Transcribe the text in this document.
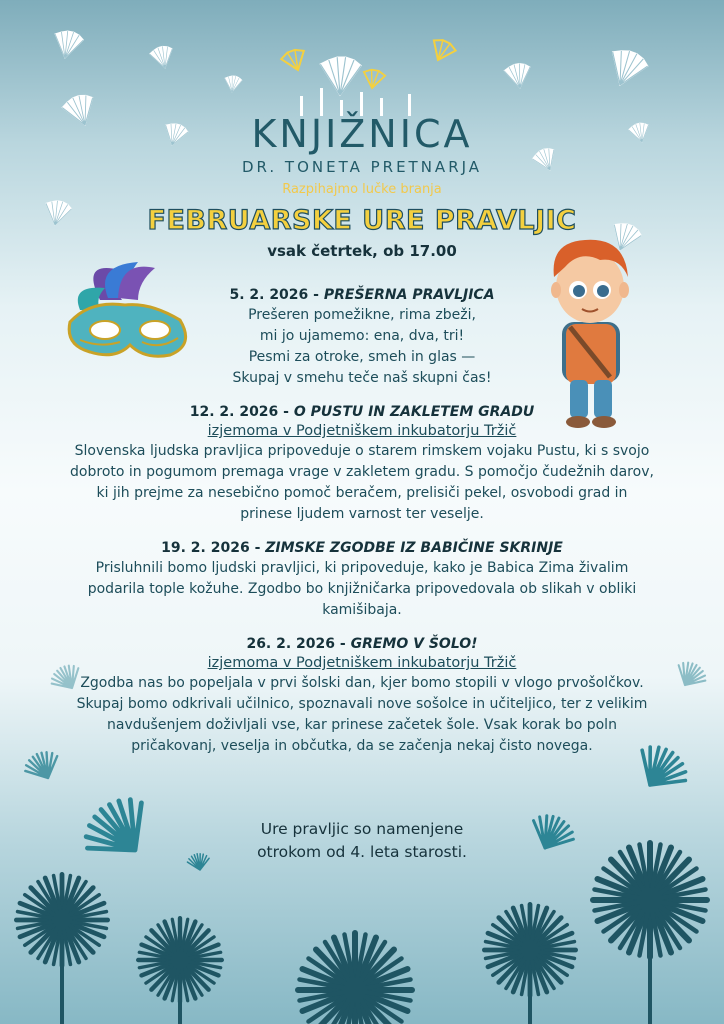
KNJIŽNICA
DR. TONETA PRETNARJA
Razpihajmo lučke branja
FEBRUARSKE URE PRAVLJIC
vsak četrtek, ob 17.00
5. 2. 2026 - PREŠERNA PRAVLJICA
Prešeren pomežikne, rima zbeži,
mi jo ujamemo: ena, dva, tri!
Pesmi za otroke, smeh in glas —
Skupaj v smehu teče naš skupni čas!
12. 2. 2026 - O PUSTU IN ZAKLETEM GRADU
izjemoma v Podjetniškem inkubatorju Tržič
Slovenska ljudska pravljica pripoveduje o starem rimskem vojaku Pustu, ki s svojo dobroto in pogumom premaga vrage v zakletem gradu. S pomočjo čudežnih darov, ki jih prejme za nesebično pomoč beračem, prelisiči pekel, osvobodi grad in prinese ljudem varnost ter veselje.
19. 2. 2026 - ZIMSKE ZGODBE IZ BABIČINE SKRINJE
Prisluhnili bomo ljudski pravljici, ki pripoveduje, kako je Babica Zima živalim podarila tople kožuhe. Zgodbo bo knjižničarka pripovedovala ob slikah v obliki kamišibaja.
26. 2. 2026 - GREMO V ŠOLO!
izjemoma v Podjetniškem inkubatorju Tržič
Zgodba nas bo popeljala v prvi šolski dan, kjer bomo stopili v vlogo prvošolčkov. Skupaj bomo odkrivali učilnico, spoznavali nove sošolce in učiteljico, ter z velikim navdušenjem doživljali vse, kar prinese začetek šole. Vsak korak bo poln pričakovanj, veselja in občutka, da se začenja nekaj čisto novega.
Ure pravljic so namenjene
otrokom od 4. leta starosti.
